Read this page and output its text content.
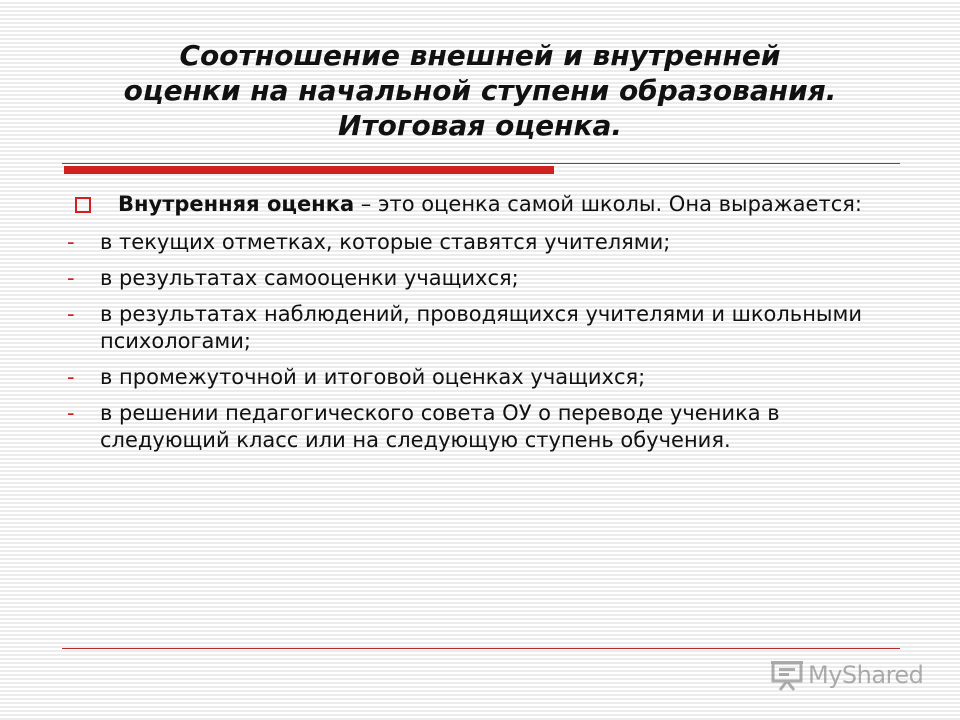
Соотношение внешней и внутренней
оценки на начальной ступени образования.
Итоговая оценка.
Внутренняя оценка – это оценка самой школы. Она выражается:
- в текущих отметках, которые ставятся учителями;
- в результатах самооценки учащихся;
- в результатах наблюдений, проводящихся учителями и школьными психологами;
- в промежуточной и итоговой оценках учащихся;
- в решении педагогического совета ОУ о переводе ученика в следующий класс или на следующую ступень обучения.
MyShared
